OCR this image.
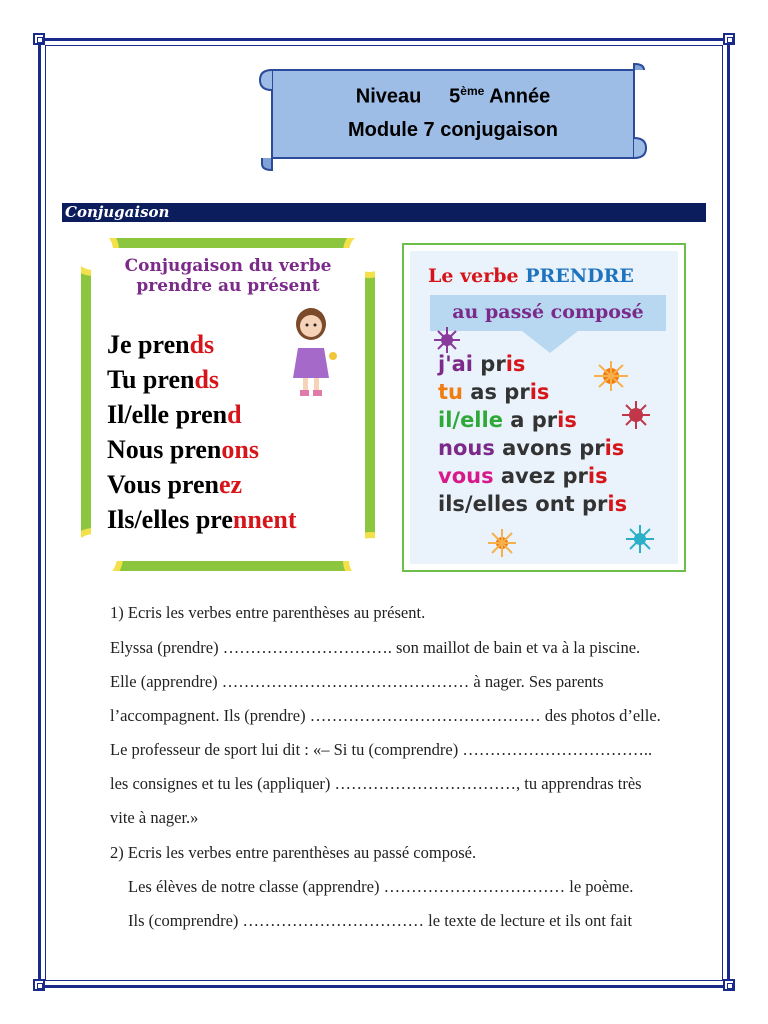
Niveau 5ème Année
Module 7 conjugaison
Conjugaison
Conjugaison du verbe
prendre au présent
Je prends
Tu prends
Il/elle prend
Nous prenons
Vous prenez
Ils/elles prennent
Le verbe PRENDRE
au passé composé
j'ai pris
tu as pris
il/elle a pris
nous avons pris
vous avez pris
ils/elles ont pris
1) Ecris les verbes entre parenthèses au présent.
Elyssa (prendre) …………………………. son maillot de bain et va à la piscine.
Elle (apprendre) ……………………………………… à nager. Ses parents
l’accompagnent. Ils (prendre) …………………………………… des photos d’elle.
Le professeur de sport lui dit : «– Si tu (comprendre) ……………………………..
les consignes et tu les (appliquer) ……………………………, tu apprendras très
vite à nager.»
2) Ecris les verbes entre parenthèses au passé composé.
Les élèves de notre classe (apprendre) …………………………… le poème.
Ils (comprendre) …………………………… le texte de lecture et ils ont fait
